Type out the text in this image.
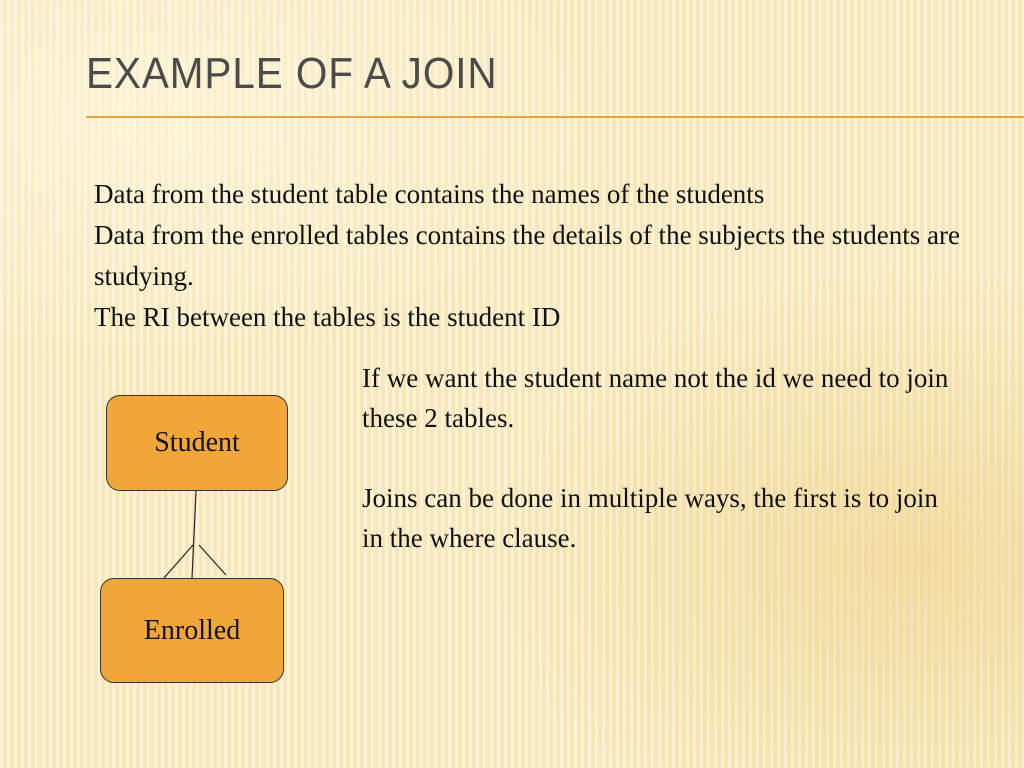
EXAMPLE OF A JOIN

Data from the student table contains the names of the students

Data from the enrolled tables contains the details of the subjects the students are studying.

The RI between the tables is the student ID

If we want the student name not the id we need to join these 2 tables.

Joins can be done in multiple ways, the first is to join in the where clause.

Student
Enrolled
